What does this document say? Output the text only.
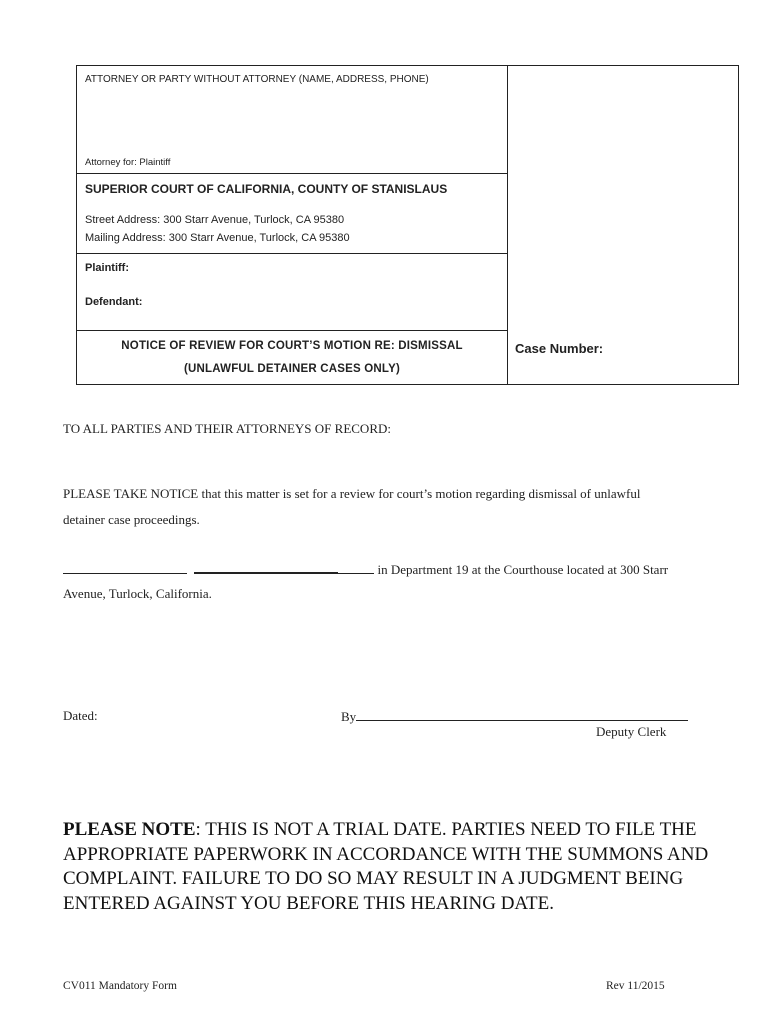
ATTORNEY OR PARTY WITHOUT ATTORNEY (NAME, ADDRESS, PHONE)
Attorney for: Plaintiff
SUPERIOR COURT OF CALIFORNIA, COUNTY OF STANISLAUS
Street Address: 300 Starr Avenue, Turlock, CA 95380
Mailing Address: 300 Starr Avenue, Turlock, CA 95380
Plaintiff:
Defendant:
NOTICE OF REVIEW FOR COURT’S MOTION RE: DISMISSAL
(UNLAWFUL DETAINER CASES ONLY)
Case Number:
TO ALL PARTIES AND THEIR ATTORNEYS OF RECORD:
PLEASE TAKE NOTICE that this matter is set for a review for court’s motion regarding dismissal of unlawful
detainer case proceedings.
in Department 19 at the Courthouse located at 300 Starr
Avenue, Turlock, California.
Dated:	By
Deputy Clerk
PLEASE NOTE: THIS IS NOT A TRIAL DATE. PARTIES NEED TO FILE THE APPROPRIATE PAPERWORK IN ACCORDANCE WITH THE SUMMONS AND COMPLAINT. FAILURE TO DO SO MAY RESULT IN A JUDGMENT BEING ENTERED AGAINST YOU BEFORE THIS HEARING DATE.
CV011 Mandatory Form	Rev 11/2015
